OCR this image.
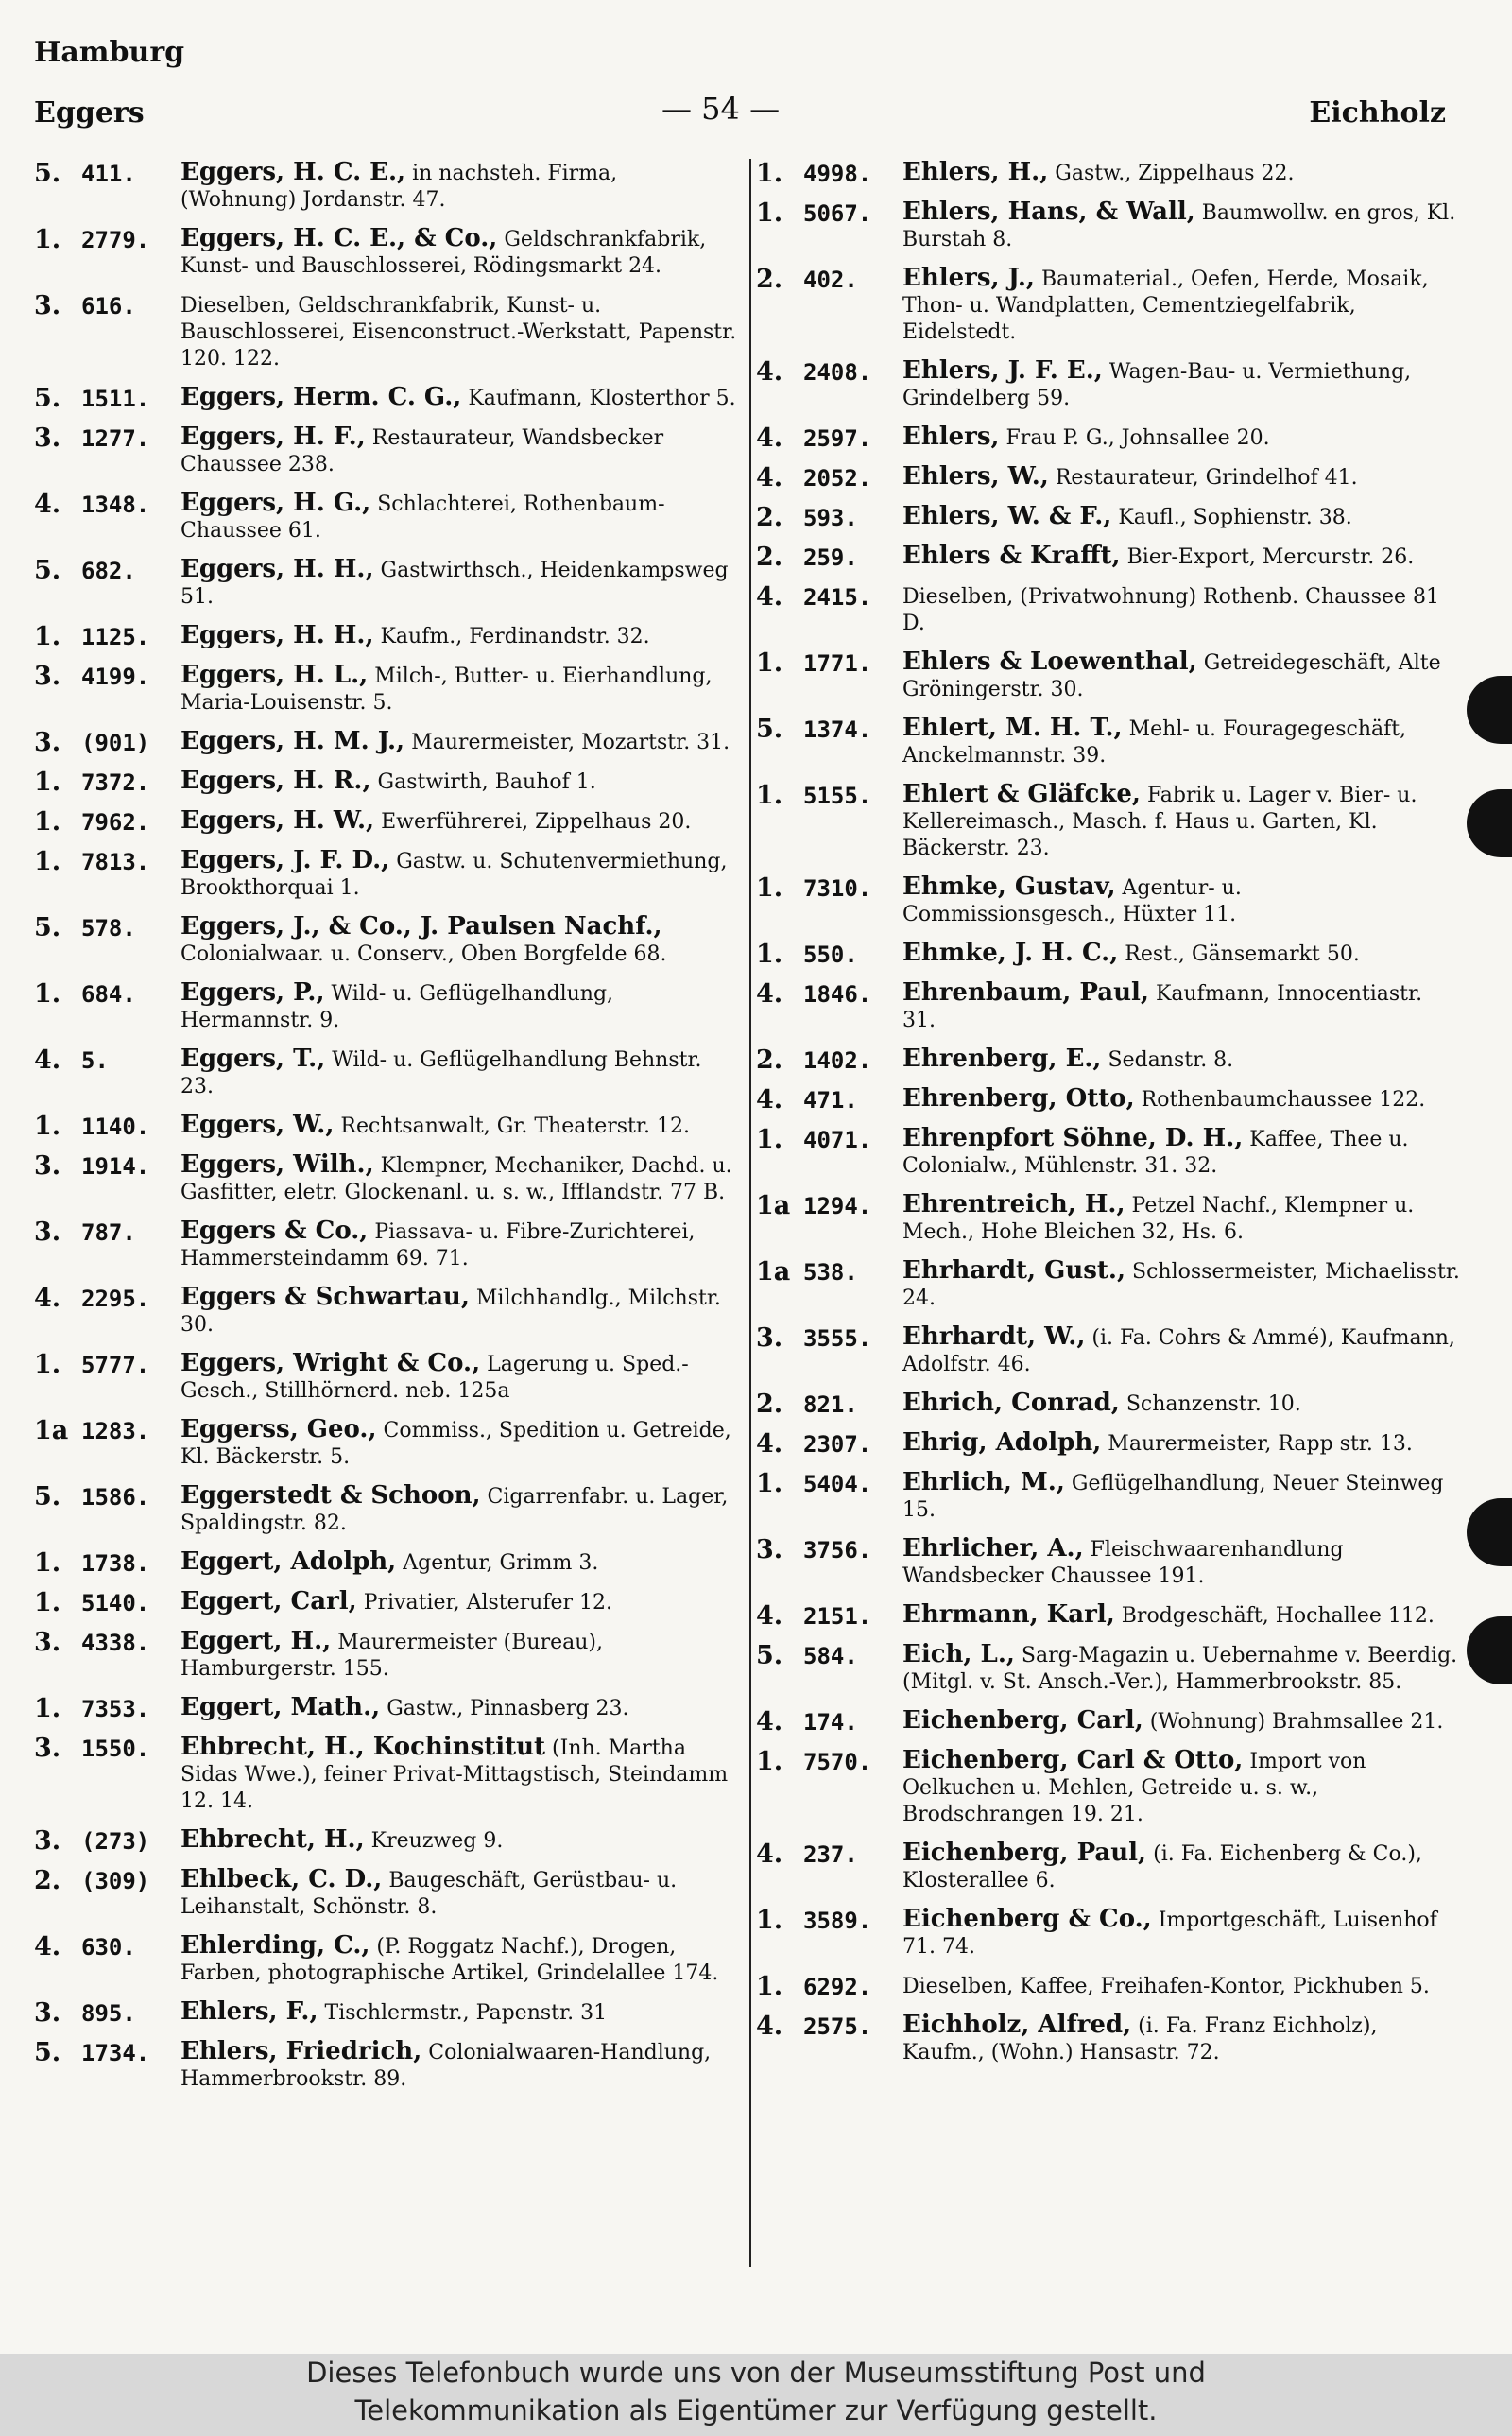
Hamburg
Eggers	— 54 —	Eichholz
5. 411.	Eggers, H. C. E., in nachsteh. Firma, (Wohnung) Jordanstr. 47.
1. 2779.	Eggers, H. C. E., & Co., Geldschrankfabrik, Kunst- und Bauschlosserei, Rödingsmarkt 24.
3. 616.	Dieselben, Geldschrankfabrik, Kunst- u. Bauschlosserei, Eisenconstruct.-Werkstatt, Papenstr. 120. 122.
5. 1511.	Eggers, Herm. C. G., Kaufmann, Klosterthor 5.
3. 1277.	Eggers, H. F., Restaurateur, Wandsbecker Chaussee 238.
4. 1348.	Eggers, H. G., Schlachterei, Rothenbaum-Chaussee 61.
5. 682.	Eggers, H. H., Gastwirthsch., Heidenkampsweg 51.
1. 1125.	Eggers, H. H., Kaufm., Ferdinandstr. 32.
3. 4199.	Eggers, H. L., Milch-, Butter- u. Eierhandlung, Maria-Louisenstr. 5.
3. (901)	Eggers, H. M. J., Maurermeister, Mozartstr. 31.
1. 7372.	Eggers, H. R., Gastwirth, Bauhof 1.
1. 7962.	Eggers, H. W., Ewerführerei, Zippelhaus 20.
1. 7813.	Eggers, J. F. D., Gastw. u. Schutenvermiethung, Brookthorquai 1.
5. 578.	Eggers, J., & Co., J. Paulsen Nachf., Colonialwaar. u. Conserv., Oben Borgfelde 68.
1. 684.	Eggers, P., Wild- u. Geflügelhandlung, Hermannstr. 9.
4. 5.	Eggers, T., Wild- u. Geflügelhandlung Behnstr. 23.
1. 1140.	Eggers, W., Rechtsanwalt, Gr. Theaterstr. 12.
3. 1914.	Eggers, Wilh., Klempner, Mechaniker, Dachd. u. Gasfitter, eletr. Glockenanl. u. s. w., Ifflandstr. 77 B.
3. 787.	Eggers & Co., Piassava- u. Fibre-Zurichterei, Hammersteindamm 69. 71.
4. 2295.	Eggers & Schwartau, Milchhandlg., Milchstr. 30.
1. 5777.	Eggers, Wright & Co., Lagerung u. Sped.-Gesch., Stillhörnerd. neb. 125a
1a 1283.	Eggerss, Geo., Commiss., Spedition u. Getreide, Kl. Bäckerstr. 5.
5. 1586.	Eggerstedt & Schoon, Cigarrenfabr. u. Lager, Spaldingstr. 82.
1. 1738.	Eggert, Adolph, Agentur, Grimm 3.
1. 5140.	Eggert, Carl, Privatier, Alsterufer 12.
3. 4338.	Eggert, H., Maurermeister (Bureau), Hamburgerstr. 155.
1. 7353.	Eggert, Math., Gastw., Pinnasberg 23.
3. 1550.	Ehbrecht, H., Kochinstitut (Inh. Martha Sidas Wwe.), feiner Privat-Mittagstisch, Steindamm 12. 14.
3. (273)	Ehbrecht, H., Kreuzweg 9.
2. (309)	Ehlbeck, C. D., Baugeschäft, Gerüstbau- u. Leihanstalt, Schönstr. 8.
4. 630.	Ehlerding, C., (P. Roggatz Nachf.), Drogen, Farben, photographische Artikel, Grindelallee 174.
3. 895.	Ehlers, F., Tischlermstr., Papenstr. 31
5. 1734.	Ehlers, Friedrich, Colonialwaaren-Handlung, Hammerbrookstr. 89.
1. 4998.	Ehlers, H., Gastw., Zippelhaus 22.
1. 5067.	Ehlers, Hans, & Wall, Baumwollw. en gros, Kl. Burstah 8.
2. 402.	Ehlers, J., Baumaterial., Oefen, Herde, Mosaik, Thon- u. Wandplatten, Cementziegelfabrik, Eidelstedt.
4. 2408.	Ehlers, J. F. E., Wagen-Bau- u. Vermiethung, Grindelberg 59.
4. 2597.	Ehlers, Frau P. G., Johnsallee 20.
4. 2052.	Ehlers, W., Restaurateur, Grindelhof 41.
2. 593.	Ehlers, W. & F., Kaufl., Sophienstr. 38.
2. 259.	Ehlers & Krafft, Bier-Export, Mercurstr. 26.
4. 2415.	Dieselben, (Privatwohnung) Rothenb. Chaussee 81 D.
1. 1771.	Ehlers & Loewenthal, Getreidegeschäft, Alte Gröningerstr. 30.
5. 1374.	Ehlert, M. H. T., Mehl- u. Fouragegeschäft, Anckelmannstr. 39.
1. 5155.	Ehlert & Gläfcke, Fabrik u. Lager v. Bier- u. Kellereimasch., Masch. f. Haus u. Garten, Kl. Bäckerstr. 23.
1. 7310.	Ehmke, Gustav, Agentur- u. Commissionsgesch., Hüxter 11.
1. 550.	Ehmke, J. H. C., Rest., Gänsemarkt 50.
4. 1846.	Ehrenbaum, Paul, Kaufmann, Innocentiastr. 31.
2. 1402.	Ehrenberg, E., Sedanstr. 8.
4. 471.	Ehrenberg, Otto, Rothenbaumchaussee 122.
1. 4071.	Ehrenpfort Söhne, D. H., Kaffee, Thee u. Colonialw., Mühlenstr. 31. 32.
1a 1294.	Ehrentreich, H., Petzel Nachf., Klempner u. Mech., Hohe Bleichen 32, Hs. 6.
1a 538.	Ehrhardt, Gust., Schlossermeister, Michaelisstr. 24.
3. 3555.	Ehrhardt, W., (i. Fa. Cohrs & Ammé), Kaufmann, Adolfstr. 46.
2. 821.	Ehrich, Conrad, Schanzenstr. 10.
4. 2307.	Ehrig, Adolph, Maurermeister, Rapp str. 13.
1. 5404.	Ehrlich, M., Geflügelhandlung, Neuer Steinweg 15.
3. 3756.	Ehrlicher, A., Fleischwaarenhandlung Wandsbecker Chaussee 191.
4. 2151.	Ehrmann, Karl, Brodgeschäft, Hochallee 112.
5. 584.	Eich, L., Sarg-Magazin u. Uebernahme v. Beerdig. (Mitgl. v. St. Ansch.-Ver.), Hammerbrookstr. 85.
4. 174.	Eichenberg, Carl, (Wohnung) Brahmsallee 21.
1. 7570.	Eichenberg, Carl & Otto, Import von Oelkuchen u. Mehlen, Getreide u. s. w., Brodschrangen 19. 21.
4. 237.	Eichenberg, Paul, (i. Fa. Eichenberg & Co.), Klosterallee 6.
1. 3589.	Eichenberg & Co., Importgeschäft, Luisenhof 71. 74.
1. 6292.	Dieselben, Kaffee, Freihafen-Kontor, Pickhuben 5.
4. 2575.	Eichholz, Alfred, (i. Fa. Franz Eichholz), Kaufm., (Wohn.) Hansastr. 72.
Dieses Telefonbuch wurde uns von der Museumsstiftung Post und
Telekommunikation als Eigentümer zur Verfügung gestellt.
